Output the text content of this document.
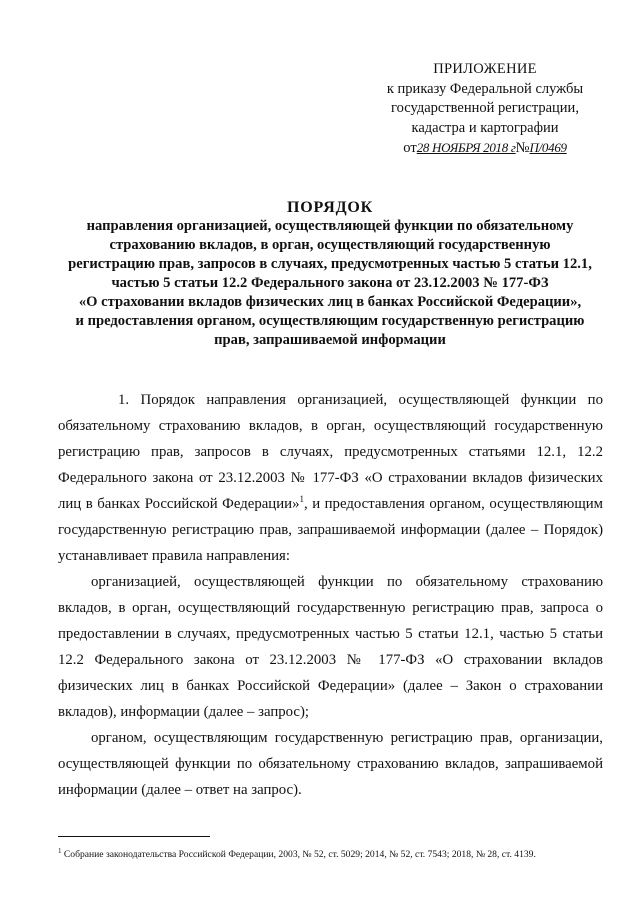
ПРИЛОЖЕНИЕ
к приказу Федеральной службы
государственной регистрации,
кадастра и картографии
от 28 НОЯБРЯ 2018 г № П/0469
ПОРЯДОК
направления организацией, осуществляющей функции по обязательному
страхованию вкладов, в орган, осуществляющий государственную
регистрацию прав, запросов в случаях, предусмотренных частью 5 статьи 12.1,
частью 5 статьи 12.2 Федерального закона от 23.12.2003 № 177-ФЗ
«О страховании вкладов физических лиц в банках Российской Федерации»,
и предоставления органом, осуществляющим государственную регистрацию
прав, запрашиваемой информации

1. Порядок направления организацией, осуществляющей функции по обязательному страхованию вкладов, в орган, осуществляющий государственную регистрацию прав, запросов в случаях, предусмотренных статьями 12.1, 12.2 Федерального закона от 23.12.2003 № 177-ФЗ «О страховании вкладов физических лиц в банках Российской Федерации»$^1$, и предоставления органом, осуществляющим государственную регистрацию прав, запрашиваемой информации (далее – Порядок) устанавливает правила направления:

организацией, осуществляющей функции по обязательному страхованию вкладов, в орган, осуществляющий государственную регистрацию прав, запроса о предоставлении в случаях, предусмотренных частью 5 статьи 12.1, частью 5 статьи 12.2 Федерального закона от 23.12.2003 № 177-ФЗ «О страховании вкладов физических лиц в банках Российской Федерации» (далее – Закон о страховании вкладов), информации (далее – запрос);

органом, осуществляющим государственную регистрацию прав, организации, осуществляющей функции по обязательному страхованию вкладов, запрашиваемой информации (далее – ответ на запрос).

$^1$ Собрание законодательства Российской Федерации, 2003, № 52, ст. 5029; 2014, № 52, ст. 7543; 2018, № 28, ст. 4139.
